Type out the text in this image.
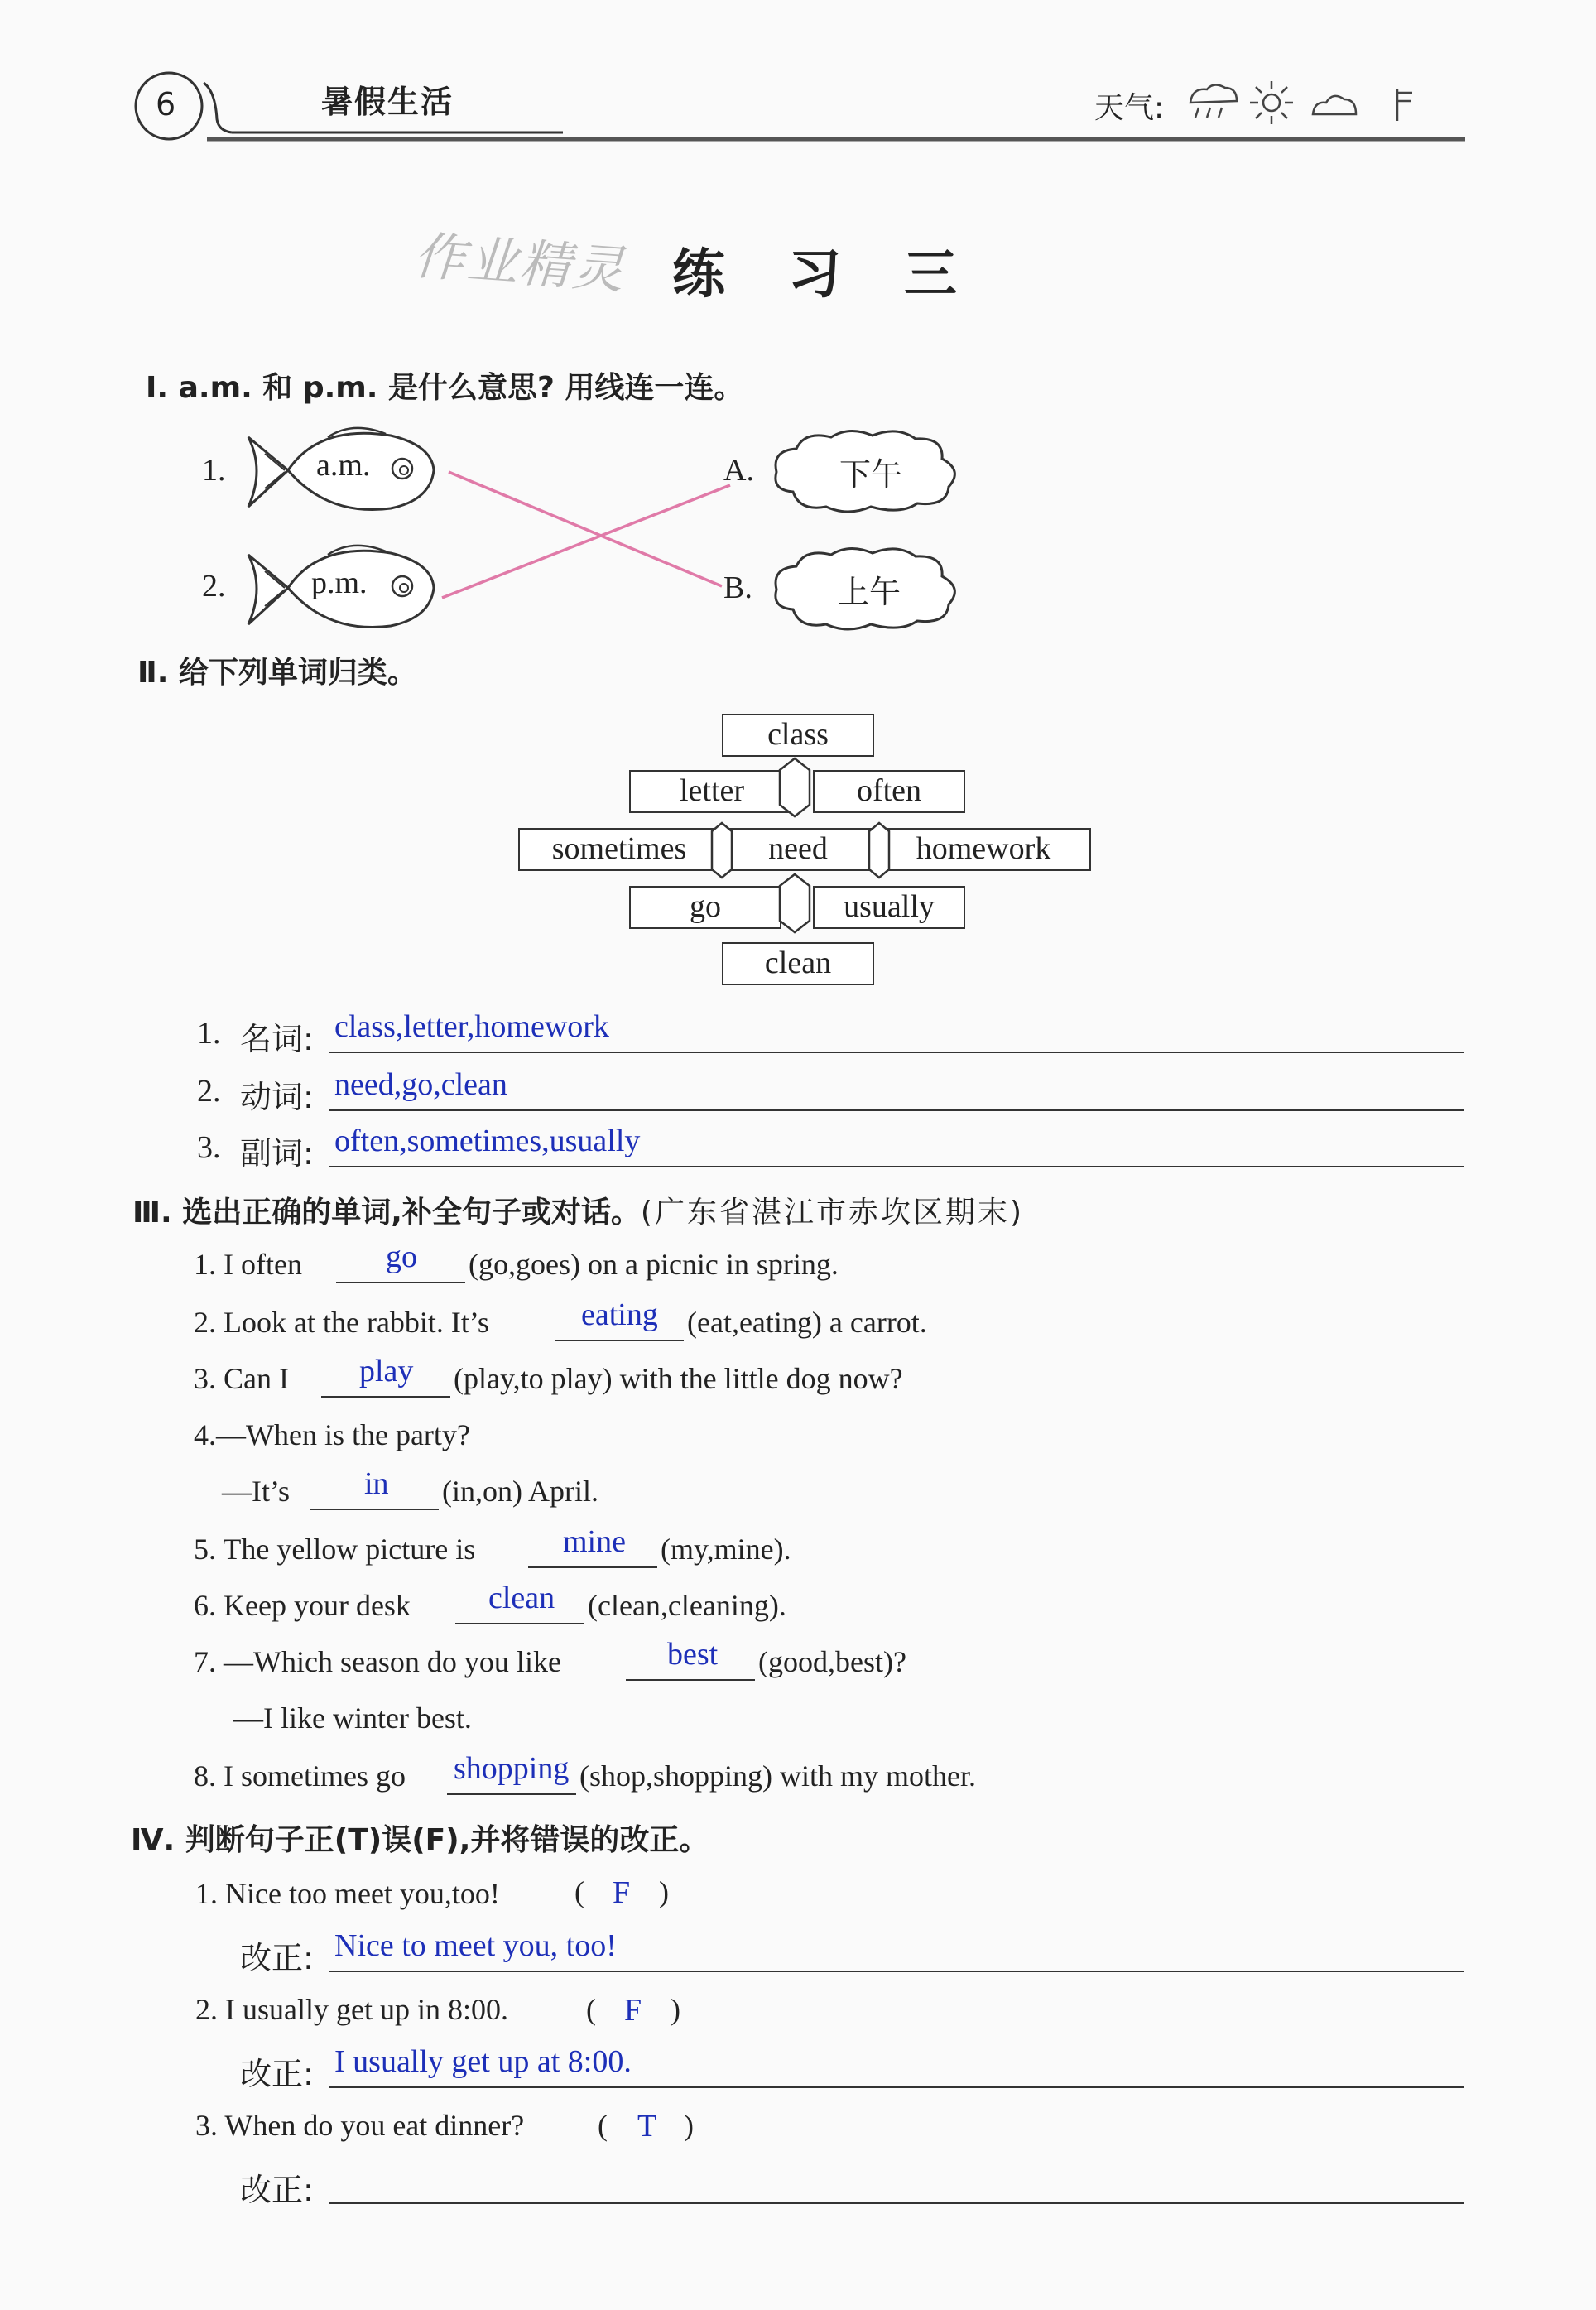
6	暑假生活	天气:
作业精灵 练 习 三
Ⅰ. a.m. 和 p.m. 是什么意思? 用线连一连。
1.
2.
a.m.
p.m.
A.
B.
下午
上午
Ⅱ. 给下列单词归类。
class
letter	often
sometimes	need	homework
go	usually
clean
1. 名词: class,letter,homework
2. 动词: need,go,clean
3. 副词: often,sometimes,usually
Ⅲ. 选出正确的单词,补全句子或对话。(广东省湛江市赤坎区期末)
1. I often	go (go,goes) on a picnic in spring.
2. Look at the rabbit. It’s	eating (eat,eating) a carrot.
3. Can I play (play,to play) with the little dog now?
4.—When is the party?
—It’s in (in,on) April.
5. The yellow picture is	mine (my,mine).
6. Keep your desk clean (clean,cleaning).
7. —Which season do you like	best (good,best)?
—I like winter best.
8. I sometimes go shopping (shop,shopping) with my mother.
Ⅳ. 判断句子正(T)误(F),并将错误的改正。
1. Nice too meet you,too!	( F )
改正: Nice to meet you, too!
2. I usually get up in 8:00.	( F )
改正: I usually get up at 8:00.
3. When do you eat dinner? ( T )
改正:
